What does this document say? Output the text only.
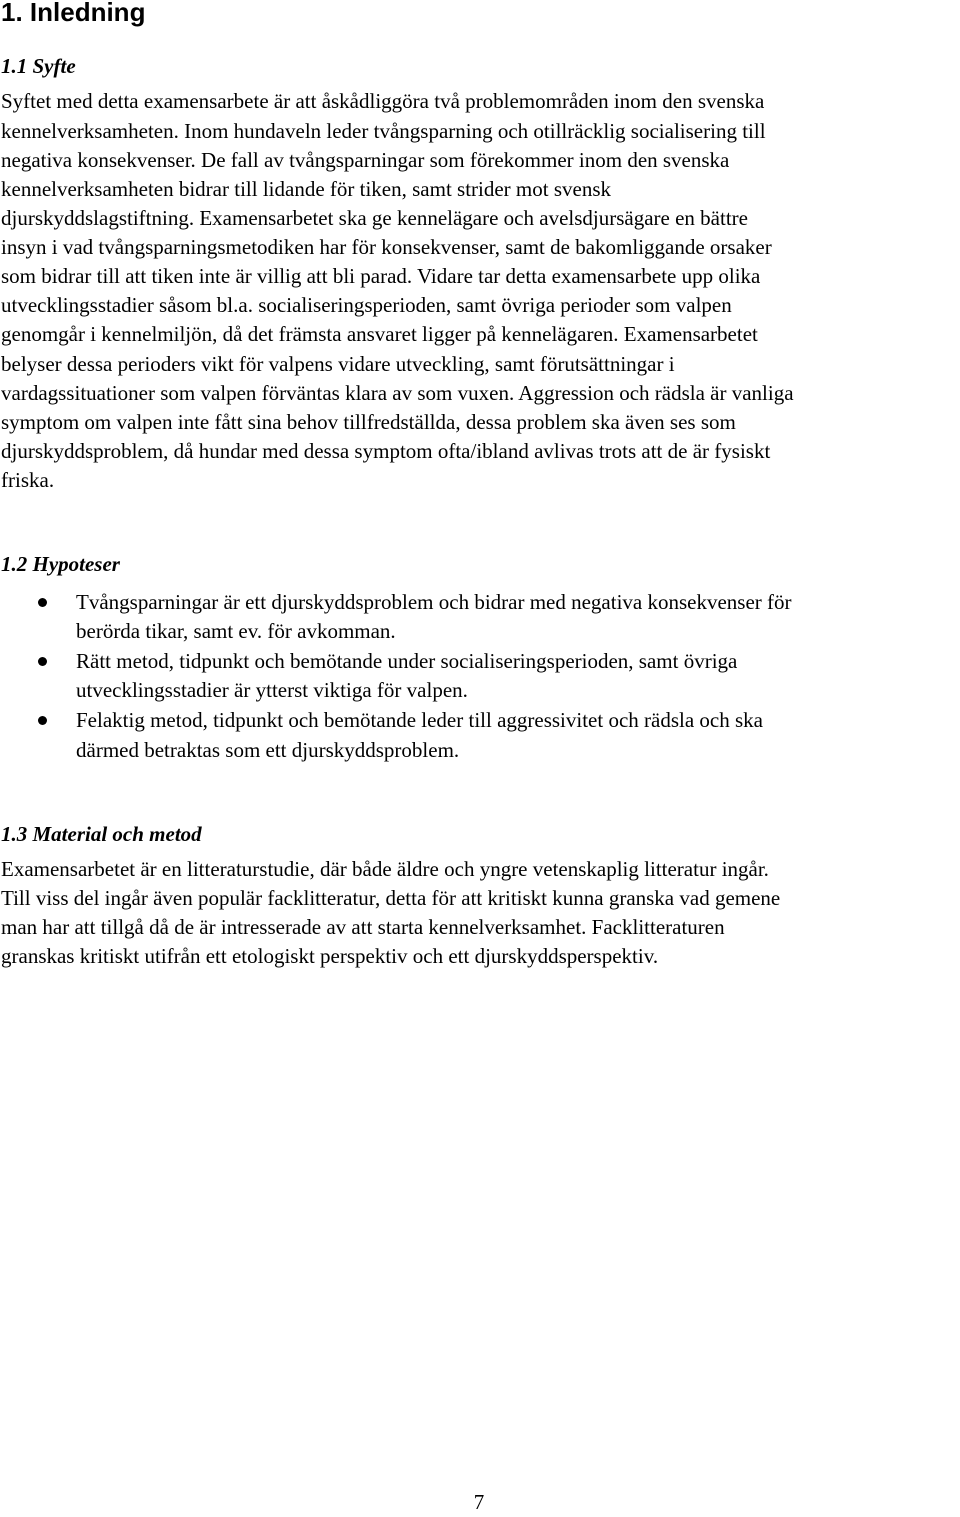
1. Inledning
1.1 Syfte

Syftet med detta examensarbete är att åskådliggöra två problemområden inom den svenska

kennelverksamheten. Inom hundaveln leder tvångsparning och otillräcklig socialisering till

negativa konsekvenser. De fall av tvångsparningar som förekommer inom den svenska

kennelverksamheten bidrar till lidande för tiken, samt strider mot svensk

djurskyddslagstiftning. Examensarbetet ska ge kennelägare och avelsdjursägare en bättre

insyn i vad tvångsparningsmetodiken har för konsekvenser, samt de bakomliggande orsaker

som bidrar till att tiken inte är villig att bli parad. Vidare tar detta examensarbete upp olika

utvecklingsstadier såsom bl.a. socialiseringsperioden, samt övriga perioder som valpen

genomgår i kennelmiljön, då det främsta ansvaret ligger på kennelägaren. Examensarbetet

belyser dessa perioders vikt för valpens vidare utveckling, samt förutsättningar i

vardagssituationer som valpen förväntas klara av som vuxen. Aggression och rädsla är vanliga

symptom om valpen inte fått sina behov tillfredställda, dessa problem ska även ses som

djurskyddsproblem, då hundar med dessa symptom ofta/ibland avlivas trots att de är fysiskt

friska.

1.2 Hypoteser
Tvångsparningar är ett djurskyddsproblem och bidrar med negativa konsekvenser för
berörda tikar, samt ev. för avkomman.
Rätt metod, tidpunkt och bemötande under socialiseringsperioden, samt övriga
utvecklingsstadier är ytterst viktiga för valpen.
Felaktig metod, tidpunkt och bemötande leder till aggressivitet och rädsla och ska
därmed betraktas som ett djurskyddsproblem.
1.3 Material och metod

Examensarbetet är en litteraturstudie, där både äldre och yngre vetenskaplig litteratur ingår.

Till viss del ingår även populär facklitteratur, detta för att kritiskt kunna granska vad gemene

man har att tillgå då de är intresserade av att starta kennelverksamhet. Facklitteraturen

granskas kritiskt utifrån ett etologiskt perspektiv och ett djurskyddsperspektiv.

7
